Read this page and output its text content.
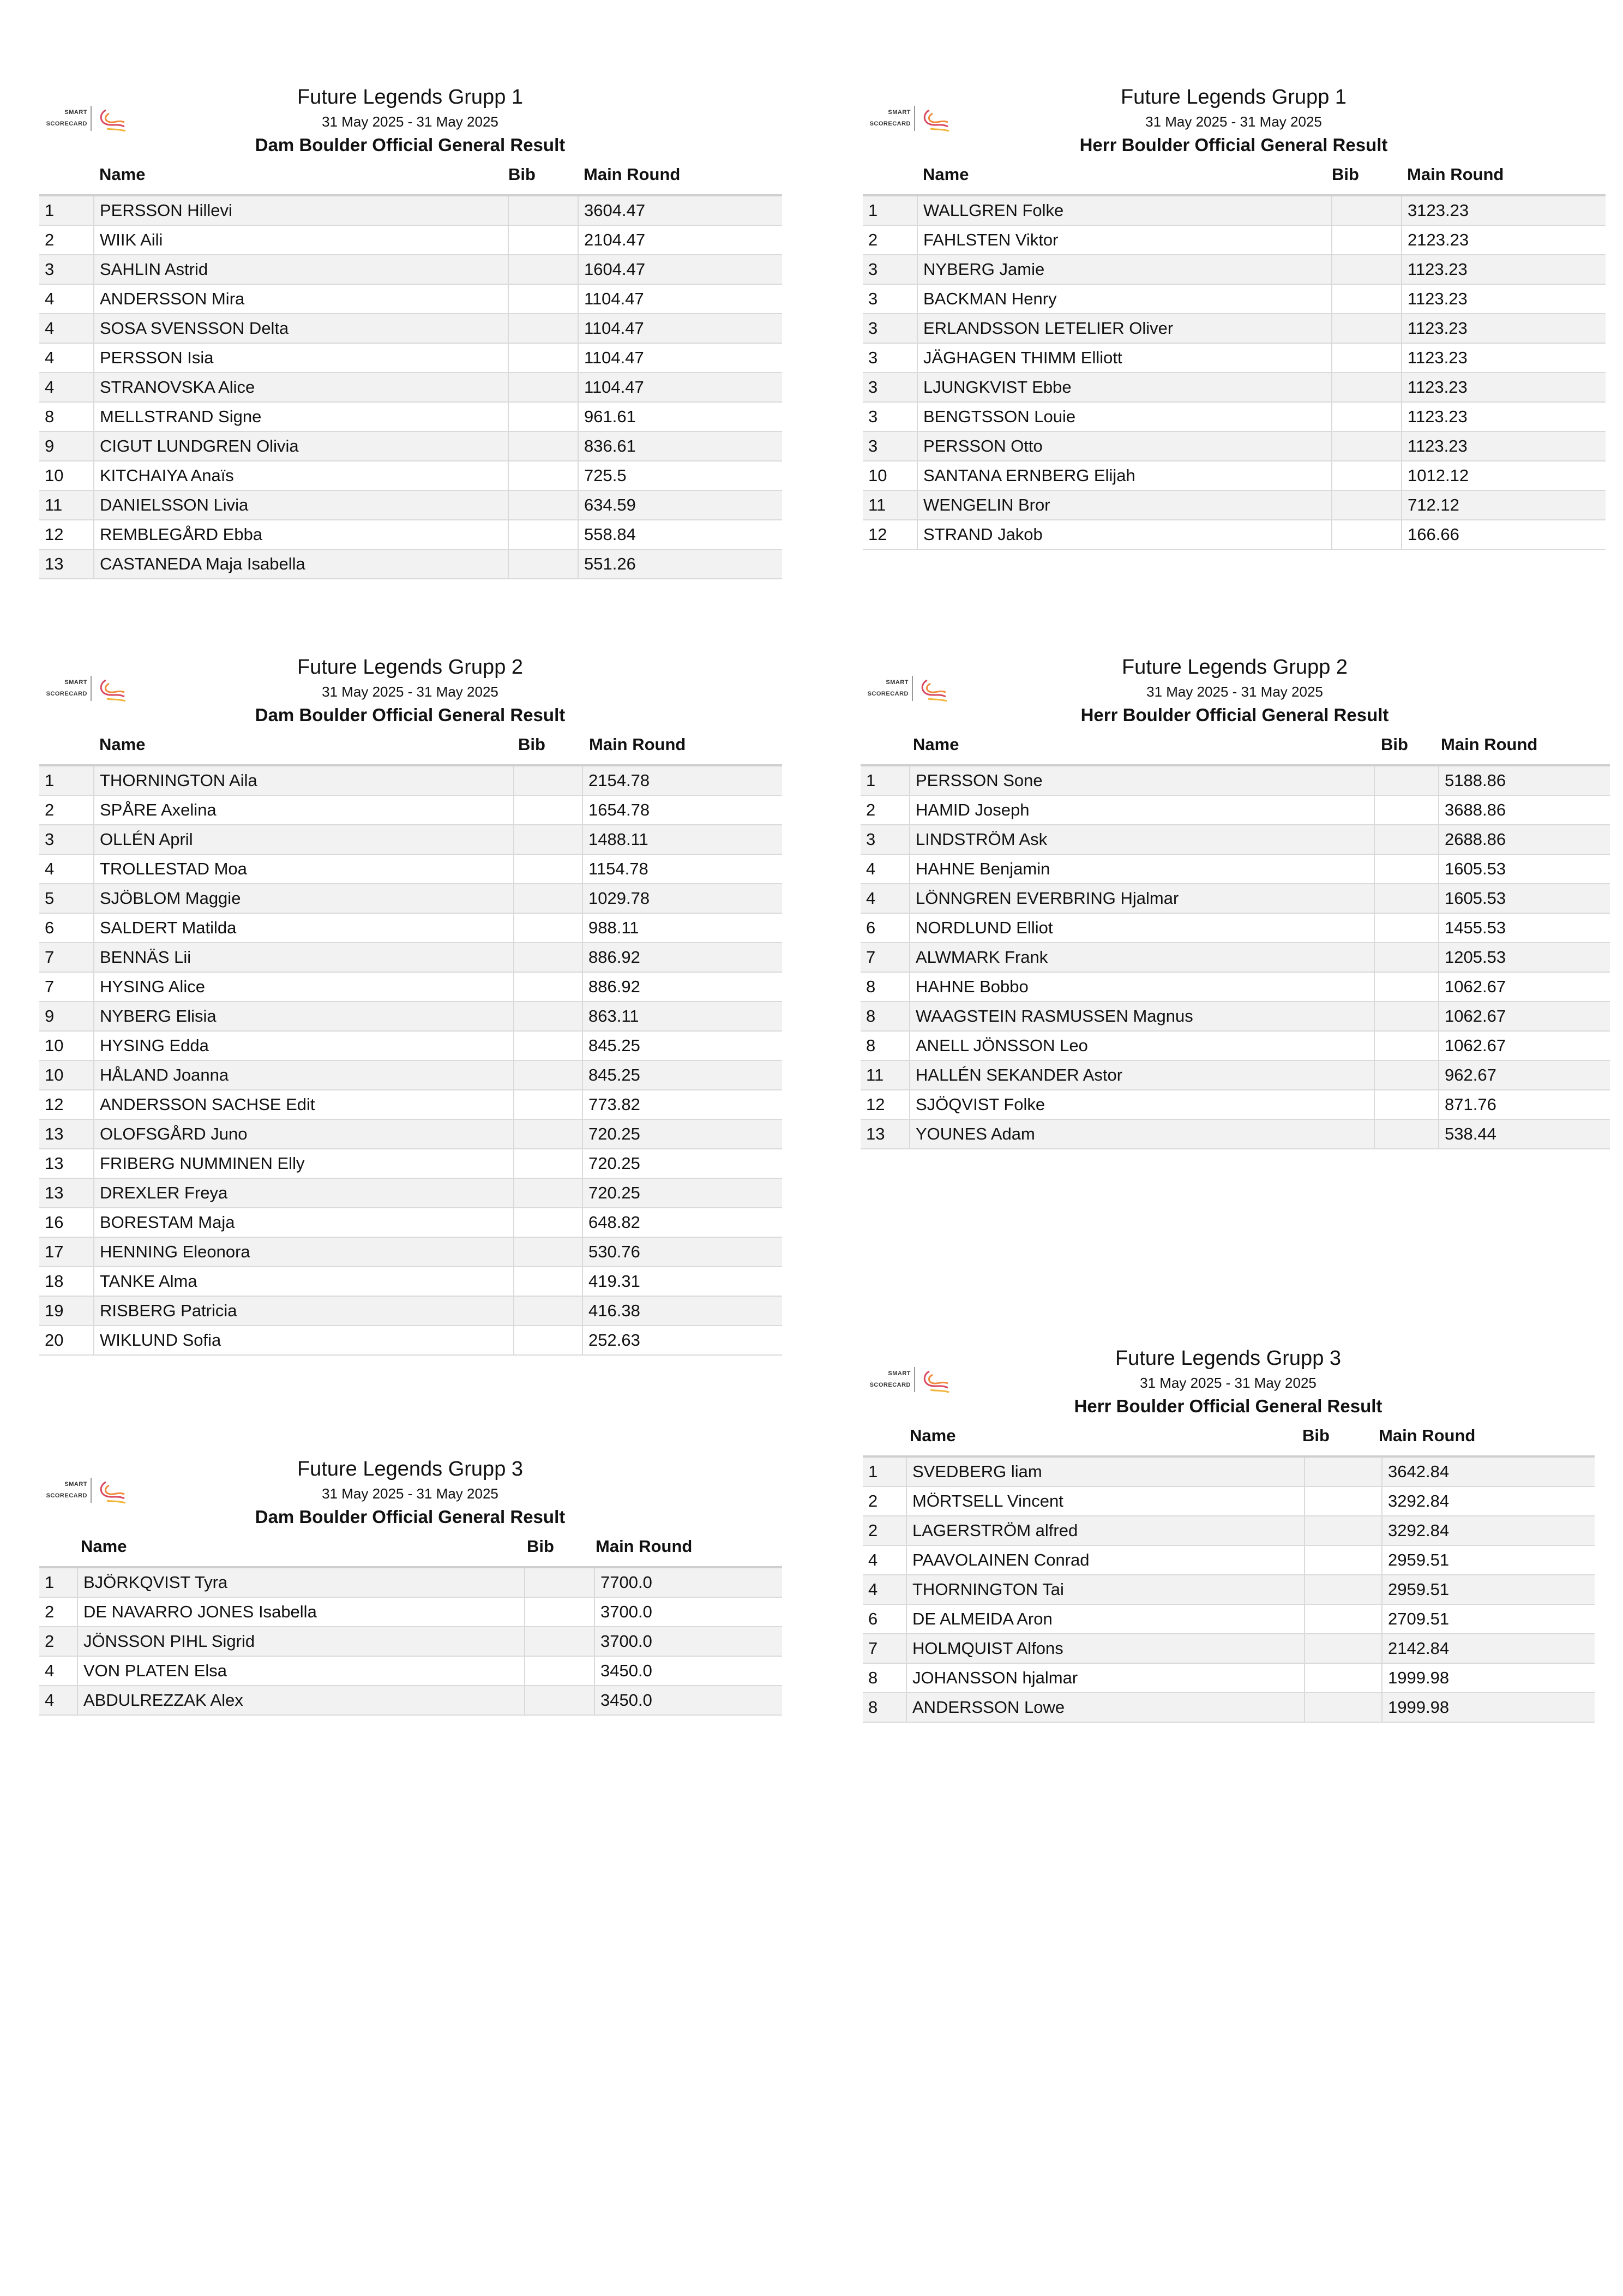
SMART
SCORECARD
Future Legends Grupp 1
31 May 2025 - 31 May 2025
Dam Boulder Official General Result
Name	Bib	Main Round
1	PERSSON Hillevi		3604.47
2	WIIK Aili		2104.47
3	SAHLIN Astrid		1604.47
4	ANDERSSON Mira		1104.47
4	SOSA SVENSSON Delta		1104.47
4	PERSSON Isia		1104.47
4	STRANOVSKA Alice		1104.47
8	MELLSTRAND Signe		961.61
9	CIGUT LUNDGREN Olivia		836.61
10	KITCHAIYA Anaïs		725.5
11	DANIELSSON Livia		634.59
12	REMBLEGÅRD Ebba		558.84
13	CASTANEDA Maja Isabella		551.26
SMART
SCORECARD
Future Legends Grupp 1
31 May 2025 - 31 May 2025
Herr Boulder Official General Result
Name	Bib	Main Round
1	WALLGREN Folke		3123.23
2	FAHLSTEN Viktor		2123.23
3	NYBERG Jamie		1123.23
3	BACKMAN Henry		1123.23
3	ERLANDSSON LETELIER Oliver		1123.23
3	JÄGHAGEN THIMM Elliott		1123.23
3	LJUNGKVIST Ebbe		1123.23
3	BENGTSSON Louie		1123.23
3	PERSSON Otto		1123.23
10	SANTANA ERNBERG Elijah		1012.12
11	WENGELIN Bror		712.12
12	STRAND Jakob		166.66
SMART
SCORECARD
Future Legends Grupp 2
31 May 2025 - 31 May 2025
Dam Boulder Official General Result
Name	Bib	Main Round
1	THORNINGTON Aila		2154.78
2	SPÅRE Axelina		1654.78
3	OLLÉN April		1488.11
4	TROLLESTAD Moa		1154.78
5	SJÖBLOM Maggie		1029.78
6	SALDERT Matilda		988.11
7	BENNÄS Lii		886.92
7	HYSING Alice		886.92
9	NYBERG Elisia		863.11
10	HYSING Edda		845.25
10	HÅLAND Joanna		845.25
12	ANDERSSON SACHSE Edit		773.82
13	OLOFSGÅRD Juno		720.25
13	FRIBERG NUMMINEN Elly		720.25
13	DREXLER Freya		720.25
16	BORESTAM Maja		648.82
17	HENNING Eleonora		530.76
18	TANKE Alma		419.31
19	RISBERG Patricia		416.38
20	WIKLUND Sofia		252.63
SMART
SCORECARD
Future Legends Grupp 2
31 May 2025 - 31 May 2025
Herr Boulder Official General Result
Name	Bib Main Round
1	PERSSON Sone		5188.86
2	HAMID Joseph		3688.86
3	LINDSTRÖM Ask		2688.86
4	HAHNE Benjamin		1605.53
4	LÖNNGREN EVERBRING Hjalmar		1605.53
6	NORDLUND Elliot		1455.53
7	ALWMARK Frank		1205.53
8	HAHNE Bobbo		1062.67
8	WAAGSTEIN RASMUSSEN Magnus		1062.67
8	ANELL JÖNSSON Leo		1062.67
11	HALLÉN SEKANDER Astor		962.67
12	SJÖQVIST Folke		871.76
13	YOUNES Adam		538.44
SMART
SCORECARD
Future Legends Grupp 3
31 May 2025 - 31 May 2025
Herr Boulder Official General Result
Name	Bib	Main Round
1	SVEDBERG liam		3642.84
2	MÖRTSELL Vincent		3292.84
2	LAGERSTRÖM alfred		3292.84
4	PAAVOLAINEN Conrad		2959.51
4	THORNINGTON Tai		2959.51
6	DE ALMEIDA Aron		2709.51
7	HOLMQUIST Alfons		2142.84
8	JOHANSSON hjalmar		1999.98
8	ANDERSSON Lowe		1999.98
SMART
SCORECARD
Future Legends Grupp 3
31 May 2025 - 31 May 2025
Dam Boulder Official General Result
Name	Bib Main Round
1	BJÖRKQVIST Tyra		7700.0
2	DE NAVARRO JONES Isabella		3700.0
2	JÖNSSON PIHL Sigrid		3700.0
4	VON PLATEN Elsa		3450.0
4	ABDULREZZAK Alex		3450.0
